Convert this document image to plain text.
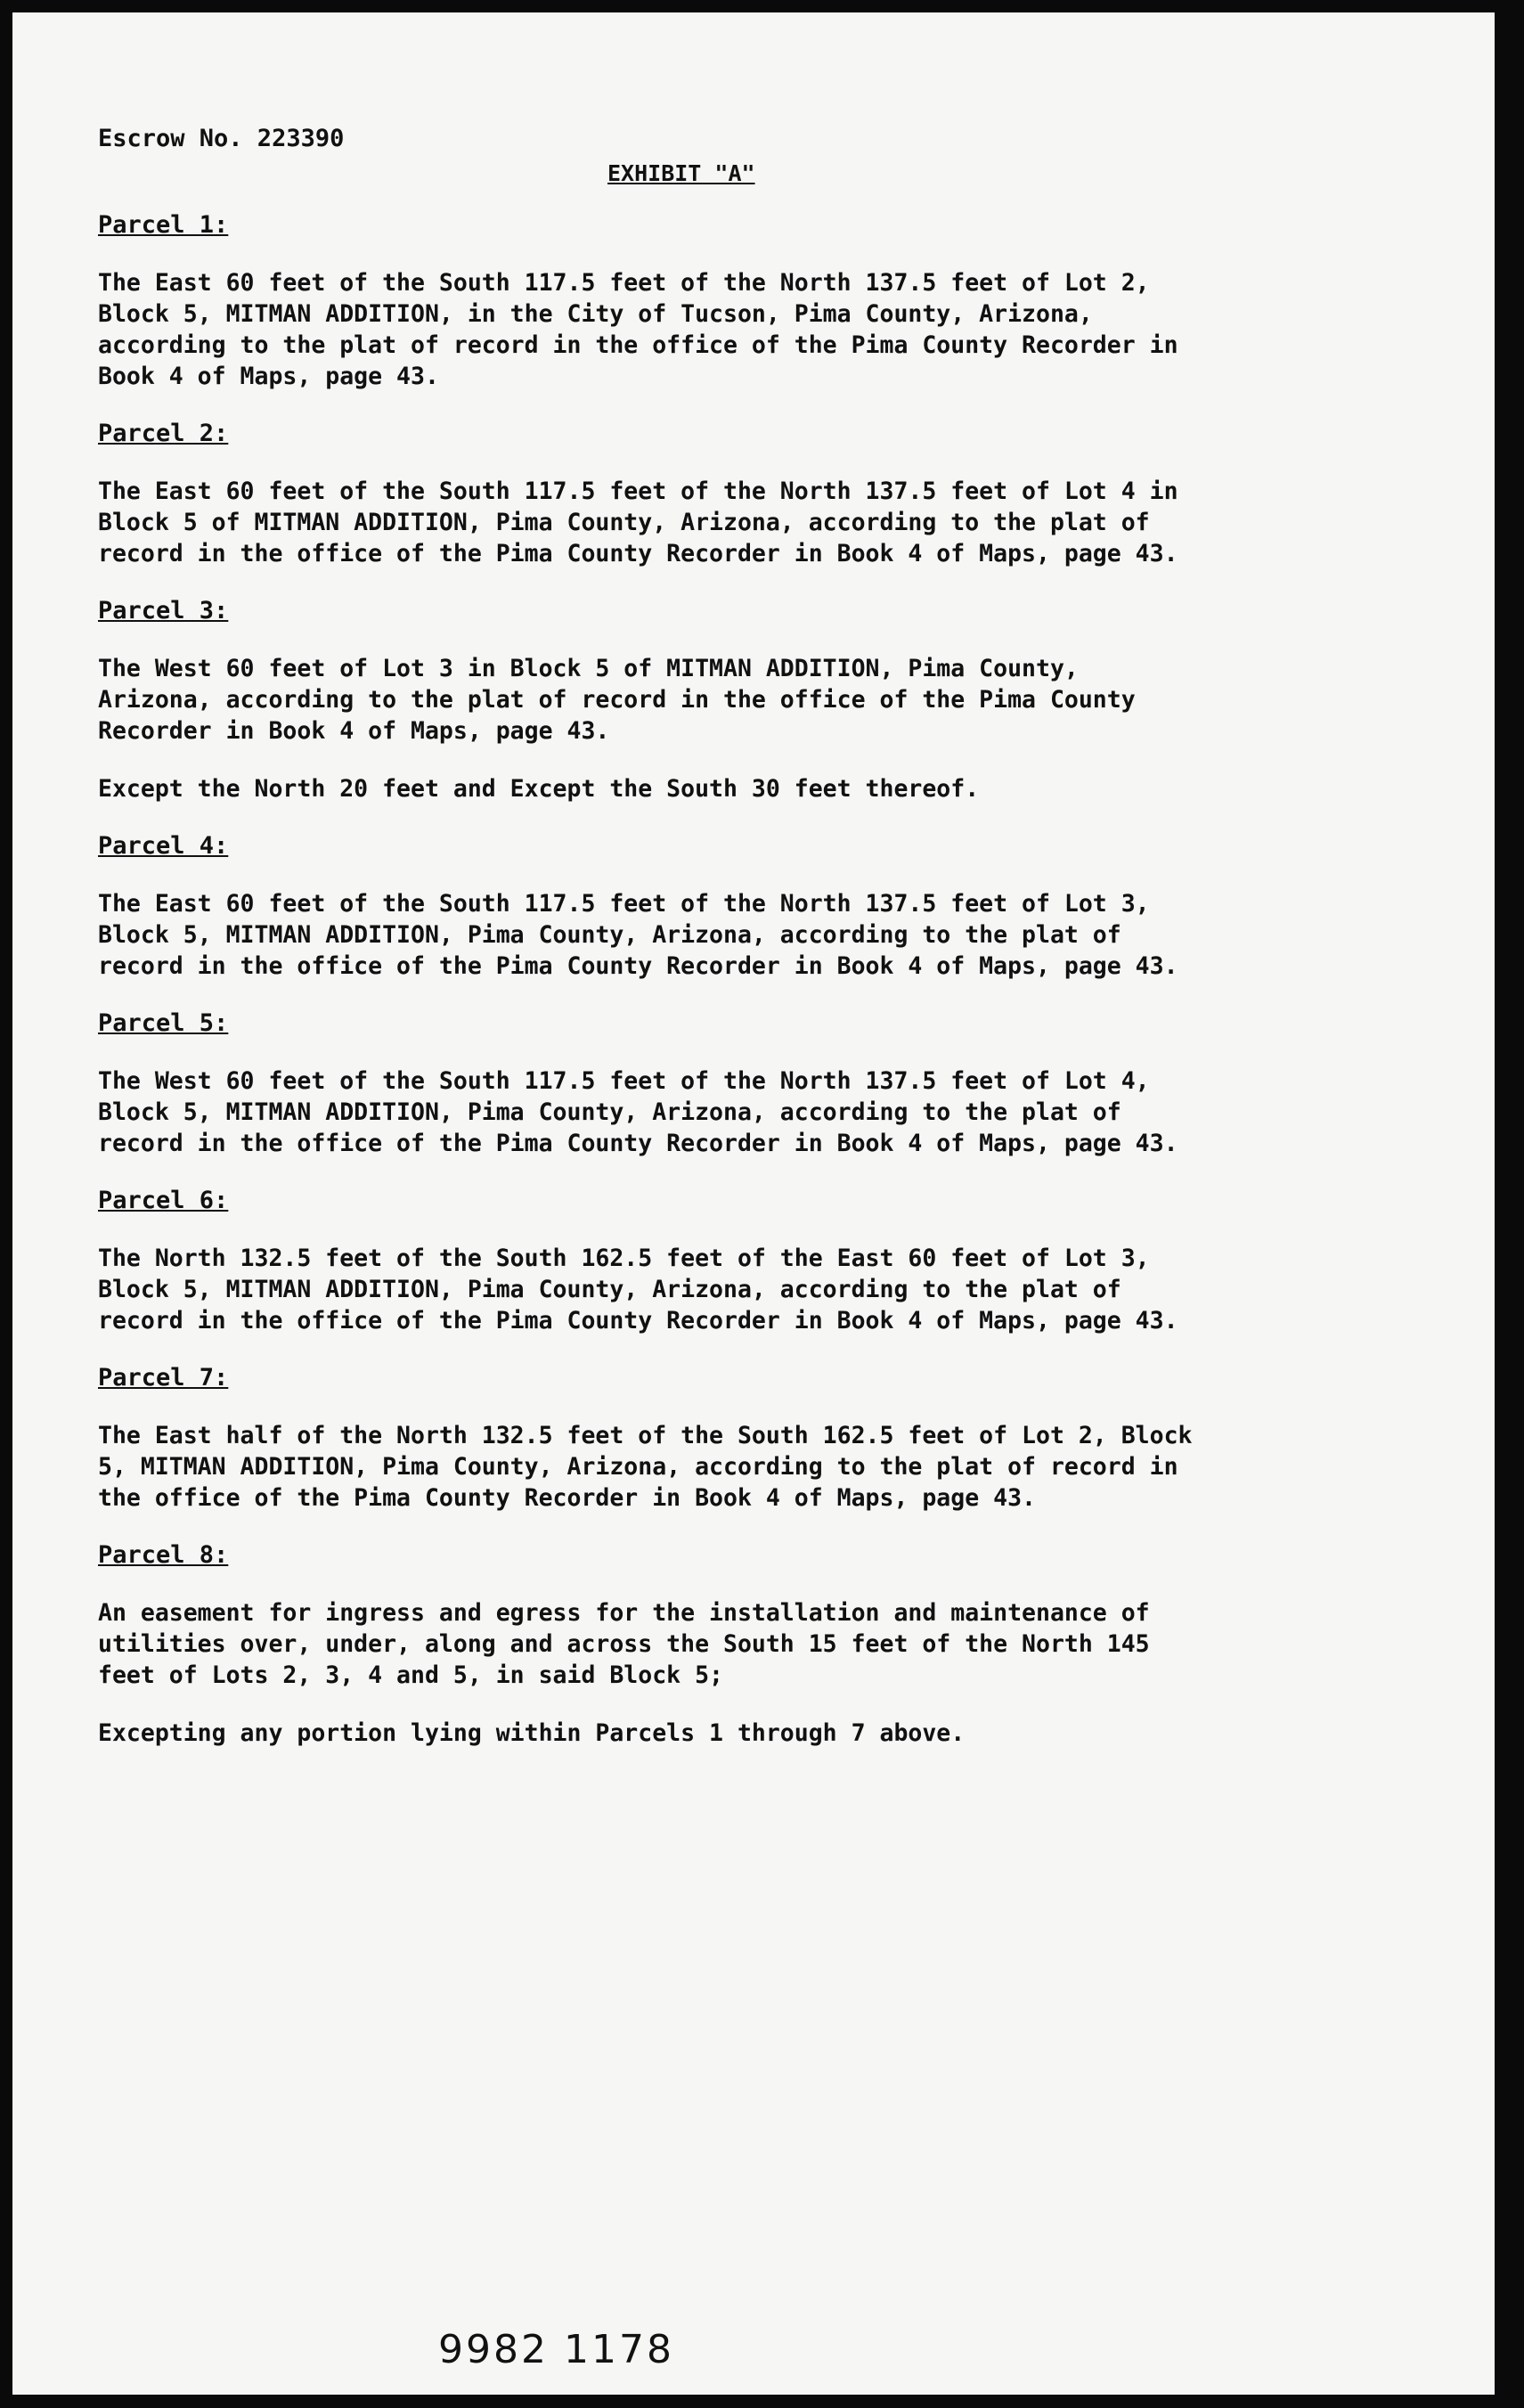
Escrow No. 223390
EXHIBIT "A"
Parcel 1:
The East 60 feet of the South 117.5 feet of the North 137.5 feet of Lot 2,
Block 5, MITMAN ADDITION, in the City of Tucson, Pima County, Arizona,
according to the plat of record in the office of the Pima County Recorder in
Book 4 of Maps, page 43.
Parcel 2:
The East 60 feet of the South 117.5 feet of the North 137.5 feet of Lot 4 in
Block 5 of MITMAN ADDITION, Pima County, Arizona, according to the plat of
record in the office of the Pima County Recorder in Book 4 of Maps, page 43.
Parcel 3:
The West 60 feet of Lot 3 in Block 5 of MITMAN ADDITION, Pima County,
Arizona, according to the plat of record in the office of the Pima County
Recorder in Book 4 of Maps, page 43.
Except the North 20 feet and Except the South 30 feet thereof.
Parcel 4:
The East 60 feet of the South 117.5 feet of the North 137.5 feet of Lot 3,
Block 5, MITMAN ADDITION, Pima County, Arizona, according to the plat of
record in the office of the Pima County Recorder in Book 4 of Maps, page 43.
Parcel 5:
The West 60 feet of the South 117.5 feet of the North 137.5 feet of Lot 4,
Block 5, MITMAN ADDITION, Pima County, Arizona, according to the plat of
record in the office of the Pima County Recorder in Book 4 of Maps, page 43.
Parcel 6:
The North 132.5 feet of the South 162.5 feet of the East 60 feet of Lot 3,
Block 5, MITMAN ADDITION, Pima County, Arizona, according to the plat of
record in the office of the Pima County Recorder in Book 4 of Maps, page 43.
Parcel 7:
The East half of the North 132.5 feet of the South 162.5 feet of Lot 2, Block
5, MITMAN ADDITION, Pima County, Arizona, according to the plat of record in
the office of the Pima County Recorder in Book 4 of Maps, page 43.
Parcel 8:
An easement for ingress and egress for the installation and maintenance of
utilities over, under, along and across the South 15 feet of the North 145
feet of Lots 2, 3, 4 and 5, in said Block 5;
Excepting any portion lying within Parcels 1 through 7 above.
9982 1178
